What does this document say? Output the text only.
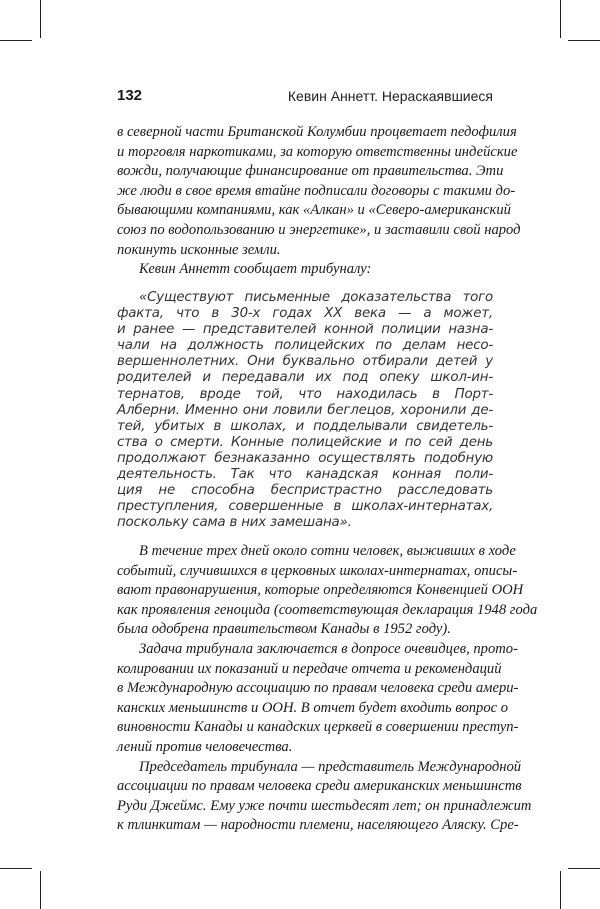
132	Кевин Аннетт. Нераскаявшиеся
в северной части Британской Колумбии процветает педофилия
и торговля наркотиками, за которую ответственны индейские
вожди, получающие финансирование от правительства. Эти
же люди в свое время втайне подписали договоры с такими до-
бывающими компаниями, как «Алкан» и «Северо-американский
союз по водопользованию и энергетике», и заставили свой народ
покинуть исконные земли.
Кевин Аннетт сообщает трибуналу:
«Существуют письменные доказательства того
факта, что в 30-х годах XX века — а может,
и ранее — представителей конной полиции назна-
чали на должность полицейских по делам несо-
вершеннолетних. Они буквально отбирали детей у
родителей и передавали их под опеку школ-ин-
тернатов, вроде той, что находилась в Порт-
Алберни. Именно они ловили беглецов, хоронили де-
тей, убитых в школах, и подделывали свидетель-
ства о смерти. Конные полицейские и по сей день
продолжают безнаказанно осуществлять подобную
деятельность. Так что канадская конная поли-
ция не способна беспристрастно расследовать
преступления, совершенные в школах-интернатах,
поскольку сама в них замешана».
В течение трех дней около сотни человек, выживших в ходе
событий, случившихся в церковных школах-интернатах, описы-
вают правонарушения, которые определяются Конвенцией ООН
как проявления геноцида (соответствующая декларация 1948 года
была одобрена правительством Канады в 1952 году).
Задача трибунала заключается в допросе очевидцев, прото-
колировании их показаний и передаче отчета и рекомендаций
в Международную ассоциацию по правам человека среди амери-
канских меньшинств и ООН. В отчет будет входить вопрос о
виновности Канады и канадских церквей в совершении преступ-
лений против человечества.
Председатель трибунала — представитель Международной
ассоциации по правам человека среди американских меньшинств
Руди Джеймс. Ему уже почти шестьдесят лет; он принадлежит
к тлинкитам — народности племени, населяющего Аляску. Сре-
